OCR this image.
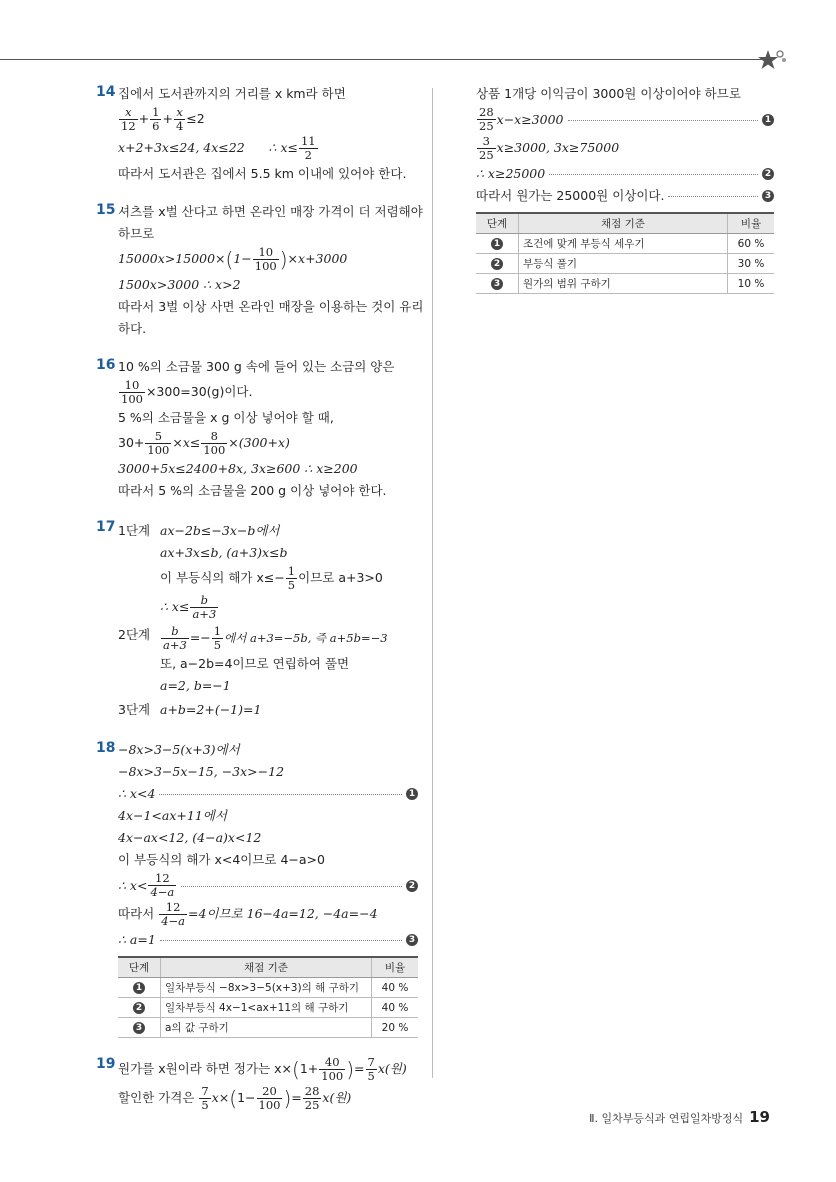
14 집에서 도서관까지의 거리를 x km라 하면
$\frac{x}{12} + \frac{1}{6} + \frac{x}{4} \le 2$
x+2+3x≤24, 4x≤22 ∴ $x\le \frac{11}{2}$
따라서 도서관은 집에서 5.5 km 이내에 있어야 한다.
15 셔츠를 x벌 산다고 하면 온라인 매장 가격이 더 저렴해야
하므로
$15000x>15000\times(1- \frac{10}{100} )\times x+3000$
1500x>3000 ∴ x>2
따라서 3벌 이상 사면 온라인 매장을 이용하는 것이 유리
하다.
16 10 %의 소금물 300 g 속에 들어 있는 소금의 양은
$\frac{10}{100} \times 300=30(g)$이다.
5 %의 소금물을 x g 이상 넣어야 할 때,
$30+ \frac{5}{100} \times x\le \frac{8}{100} \times(300+x)$
3000+5x≤2400+8x, 3x≥600 ∴ x≥200
따라서 5 %의 소금물을 200 g 이상 넣어야 한다.
17 1단계 ax−2b≤−3x−b에서
ax+3x≤b, (a+3)x≤b
이 부등식의 해가 $x\le- \frac{1}{5}$ 이므로 a+3>0
∴ $x\le \frac{b}{a+3}$
2단계 $\frac{b}{a+3} =- \frac{1}{5}$ 에서 a+3=−5b, 즉 a+5b=−3
또, a−2b=4이므로 연립하여 풀면
a=2, b=−1
3단계 a+b=2+(−1)=1
18 −8x>3−5(x+3)에서
−8x>3−5x−15, −3x>−12
∴ x<4	1
4x−1<ax+11에서
4x−ax<12, (4−a)x<12
이 부등식의 해가 x<4이므로 4−a>0
∴ $x< \frac{12}{4-a}$	2
따라서 $\frac{12}{4-a} =4$이므로 16−4a=12, −4a=−4
∴ a=1	3
단계	채점 기준	비율
1	일차부등식 −8x>3−5(x+3)의 해 구하기	40 %
2	일차부등식 4x−1<ax+11의 해 구하기	40 %
3	a의 값 구하기	20 %
19 원가를 x원이라 하면 정가는 $x\times(1+ \frac{40}{100}$ )= $\frac{7}{5} x$(원)
할인한 가격은 $\frac{7}{5} x\times(1- \frac{20}{100}$ )= $\frac{28}{25} x$(원)
상품 1개당 이익금이 3000원 이상이어야 하므로
$\frac{28}{25} x-x\ge 3000$	1
$\frac{3}{25} x\ge 3000$, 3x≥75000
∴ x≥25000	2
따라서 원가는 25000원 이상이다.	3
단계	채점 기준	비율
1	조건에 맞게 부등식 세우기	60 %
2	부등식 풀기	30 %
3	원가의 범위 구하기	10 %
Ⅱ. 일차부등식과 연립일차방정식 19
